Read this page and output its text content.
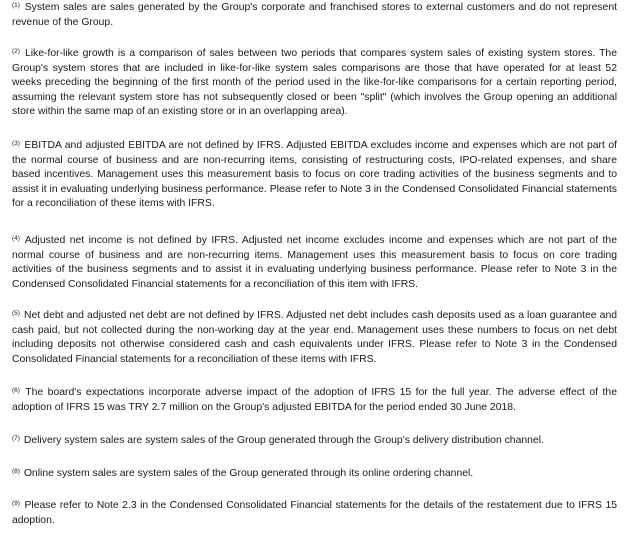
$^{(1)}$ System sales are sales generated by the Group's corporate and franchised stores to external customers and do not represent revenue of the Group.

$^{(2)}$ Like-for-like growth is a comparison of sales between two periods that compares system sales of existing system stores. The Group's system stores that are included in like-for-like system sales comparisons are those that have operated for at least 52 weeks preceding the beginning of the first month of the period used in the like-for-like comparisons for a certain reporting period, assuming the relevant system store has not subsequently closed or been "split" (which involves the Group opening an additional store within the same map of an existing store or in an overlapping area).

$^{(3)}$ EBITDA and adjusted EBITDA are not defined by IFRS. Adjusted EBITDA excludes income and expenses which are not part of the normal course of business and are non-recurring items, consisting of restructuring costs, IPO-related expenses, and share based incentives. Management uses this measurement basis to focus on core trading activities of the business segments and to assist it in evaluating underlying business performance. Please refer to Note 3 in the Condensed Consolidated Financial statements for a reconciliation of these items with IFRS.

$^{(4)}$ Adjusted net income is not defined by IFRS. Adjusted net income excludes income and expenses which are not part of the normal course of business and are non-recurring items. Management uses this measurement basis to focus on core trading activities of the business segments and to assist it in evaluating underlying business performance. Please refer to Note 3 in the Condensed Consolidated Financial statements for a reconciliation of this item with IFRS.

$^{(5)}$ Net debt and adjusted net debt are not defined by IFRS. Adjusted net debt includes cash deposits used as a loan guarantee and cash paid, but not collected during the non-working day at the year end. Management uses these numbers to focus on net debt including deposits not otherwise considered cash and cash equivalents under IFRS. Please refer to Note 3 in the Condensed Consolidated Financial statements for a reconciliation of these items with IFRS.

$^{(6)}$ The board's expectations incorporate adverse impact of the adoption of IFRS 15 for the full year. The adverse effect of the adoption of IFRS 15 was TRY 2.7 million on the Group's adjusted EBITDA for the period ended 30 June 2018.

$^{(7)}$ Delivery system sales are system sales of the Group generated through the Group's delivery distribution channel.

$^{(8)}$ Online system sales are system sales of the Group generated through its online ordering channel.

$^{(9)}$ Please refer to Note 2.3 in the Condensed Consolidated Financial statements for the details of the restatement due to IFRS 15 adoption.
